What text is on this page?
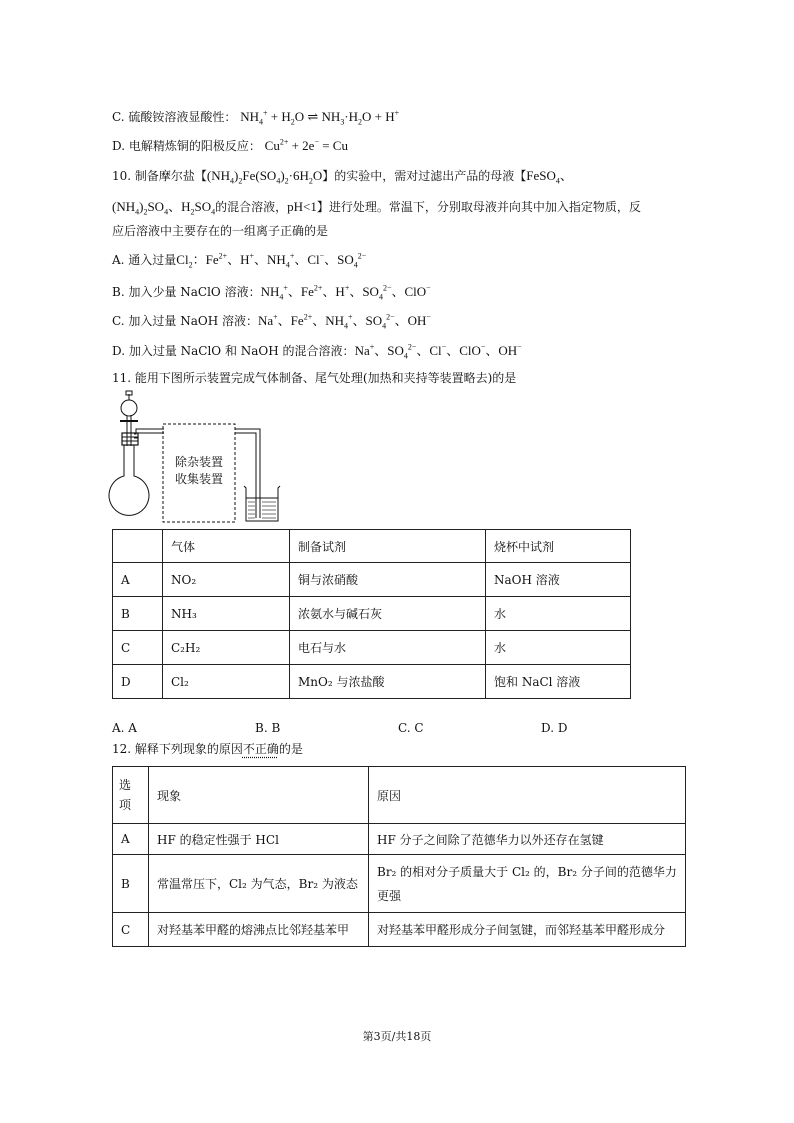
C. 硫酸铵溶液显酸性： $NH_4^+ + H_2O$ ⇌ $NH_3\cdot H_2O + H^+$
D. 电解精炼铜的阳极反应： $Cu^{2+} + 2e^- = Cu$
10. 制备摩尔盐【$(NH_4)_2Fe(SO_4)_2\cdot 6H_2O$】的实验中，需对过滤出产品的母液【FeSO$_4$、
$(NH_4)_2SO_4$、$H_2SO_4$的混合溶液，pH<1】进行处理。常温下，分别取母液并向其中加入指定物质，反
应后溶液中主要存在的一组离子正确的是
A. 通入过量$Cl_2$：$Fe^{2+}$、H+、$NH_4^+$、Cl−、$SO_4^{2-}$
B. 加入少量 NaClO 溶液：$NH_4^+$、$Fe^{2+}$、H+、$SO_4^{2-}$、ClO−
C. 加入过量 NaOH 溶液：Na+、$Fe^{2+}$、$NH_4^+$、$SO_4^{2-}$、OH−
D. 加入过量 NaClO 和 NaOH 的混合溶液：Na+、$SO_4^{2-}$、Cl−、ClO−、OH−
11. 能用下图所示装置完成气体制备、尾气处理(加热和夹持等装置略去)的是
除杂装置
收集装置
	气体	制备试剂	烧杯中试剂
A	NO₂	铜与浓硝酸	NaOH 溶液
B	NH₃	浓氨水与碱石灰	水
C	C₂H₂	电石与水	水
D	Cl₂	MnO₂ 与浓盐酸	饱和 NaCl 溶液
A. A	B. B	C. C	D. D
12. 解释下列现象的原因不正确的是
选项	现象	原因
A	HF 的稳定性强于 HCl	HF 分子之间除了范德华力以外还存在氢键
B	常温常压下，Cl₂ 为气态，Br₂ 为液态	Br₂ 的相对分子质量大于 Cl₂ 的，Br₂ 分子间的范德华力更强
C	对羟基苯甲醛的熔沸点比邻羟基苯甲	对羟基苯甲醛形成分子间氢键，而邻羟基苯甲醛形成分
第3页/共18页
